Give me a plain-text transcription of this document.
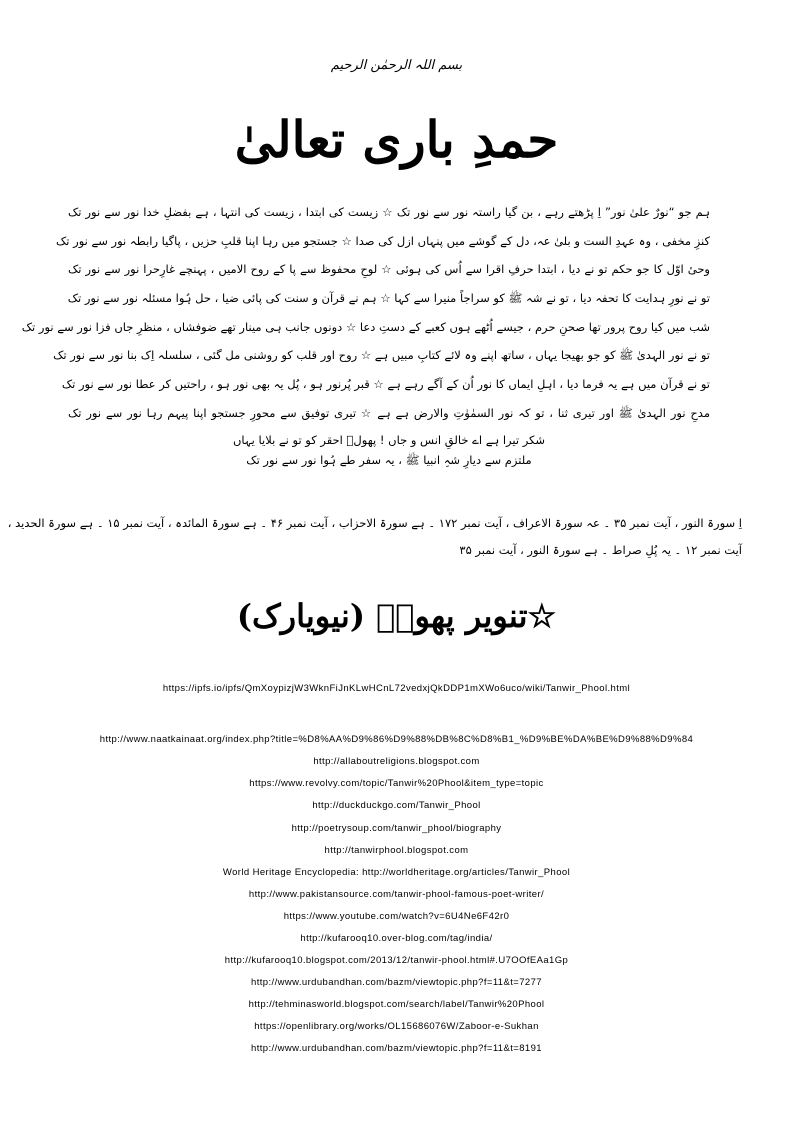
بسم اللہ الرحمٰن الرحیم
حمدِ باری تعالیٰ
ہم جو “نورٌ علیٰ نور” اِ پڑھتے رہے ، بن گیا راستہ نور سے نور تک ☆ زیست کی ابتدا ، زیست کی انتہا ، ہے بفضلِ خدا نور سے نور تک
کنزِ مخفی ، وہ عہدِ الست و بلیٰ عہ، دل کے گوشے میں پنہاں ازل کی صدا ☆ جستجو میں رہا اپنا قلبِ حزیں ، پاگیا رابطہ نور سے نور تک
وحیٔ اوّل کا جو حکم تو نے دیا ، ابتدا حرفِ اقرا سے اُس کی ہوئی ☆ لوحِ محفوظ سے پا کے روح الامیں ، پہنچے غارِحرا نور سے نور تک
تو نے نورِ ہدایت کا تحفہ دیا ، تو نے شہ ﷺ کو سراجاً منیرا سے کہا ☆ ہم نے قرآن و سنت کی پائی ضیا ، حل ہُوا مسئلہ نور سے نور تک
شب میں کیا روح پرور تھا صحنِ حرم ، جیسے اُٹھے ہوں کعبے کے دستِ دعا ☆ دونوں جانب ہی مینار تھے ضوفشاں ، منظرِ جاں فزا نور سے نور تک
تو نے نور الہدیٰ ﷺ کو جو بھیجا یہاں ، ساتھ اپنے وہ لائے کتابِ مبیں ہے ☆ روح اور قلب کو روشنی مل گئی ، سلسلہ اِک بنا نور سے نور تک
تو نے قرآن میں ہے یہ فرما دیا ، اہلِ ایماں کا نور اُن کے آگے رہے ہے ☆ قبر پُرنور ہو ، پُل یہ بھی نور ہو ، راحتیں کر عطا نور سے نور تک
مدحِ نور الہدیٰ ﷺ اور تیری ثنا ، تو کہ نور السمٰوٰتِ والارض ہے ہے ☆ تیری توفیق سے محورِ جستجو اپنا پیہم رہا نور سے نور تک
شکر تیرا ہے اے خالقِ انس و جاں ! پھولؔ احقر کو تو نے بلایا یہاں
ملتزم سے دیارِ شہِ انبیا ﷺ ، یہ سفر طے ہُوا نور سے نور تک
اِ سورۃ النور ، آیت نمبر ۳۵ ۔ عہ سورۃ الاعراف ، آیت نمبر ۱۷۲ ۔ ہے سورۃ الاحزاب ، آیت نمبر ۴۶ ۔ ہے سورۃ المائدہ ، آیت نمبر ۱۵ ۔ ہے سورۃ الحدید ،
آیت نمبر ۱۲ ۔ یہ پُلِ صراط ۔ ہے سورۃ النور ، آیت نمبر ۳۵
☆تنویر پھولؔ (نیویارک)
https://ipfs.io/ipfs/QmXoypizjW3WknFiJnKLwHCnL72vedxjQkDDP1mXWo6uco/wiki/Tanwir_Phool.html
http://www.naatkainaat.org/index.php?title=%D8%AA%D9%86%D9%88%DB%8C%D8%B1_%D9%BE%DA%BE%D9%88%D9%84
http://allaboutreligions.blogspot.com
https://www.revolvy.com/topic/Tanwir%20Phool&item_type=topic
http://duckduckgo.com/Tanwir_Phool
http://poetrysoup.com/tanwir_phool/biography
http://tanwirphool.blogspot.com
World Heritage Encyclopedia: http://worldheritage.org/articles/Tanwir_Phool
http://www.pakistansource.com/tanwir-phool-famous-poet-writer/
https://www.youtube.com/watch?v=6U4Ne6F42r0
http://kufarooq10.over-blog.com/tag/india/
http://kufarooq10.blogspot.com/2013/12/tanwir-phool.html#.U7OOfEAa1Gp
http://www.urdubandhan.com/bazm/viewtopic.php?f=11&t=7277
http://tehminasworld.blogspot.com/search/label/Tanwir%20Phool
https://openlibrary.org/works/OL15686076W/Zaboor-e-Sukhan
http://www.urdubandhan.com/bazm/viewtopic.php?f=11&t=8191
